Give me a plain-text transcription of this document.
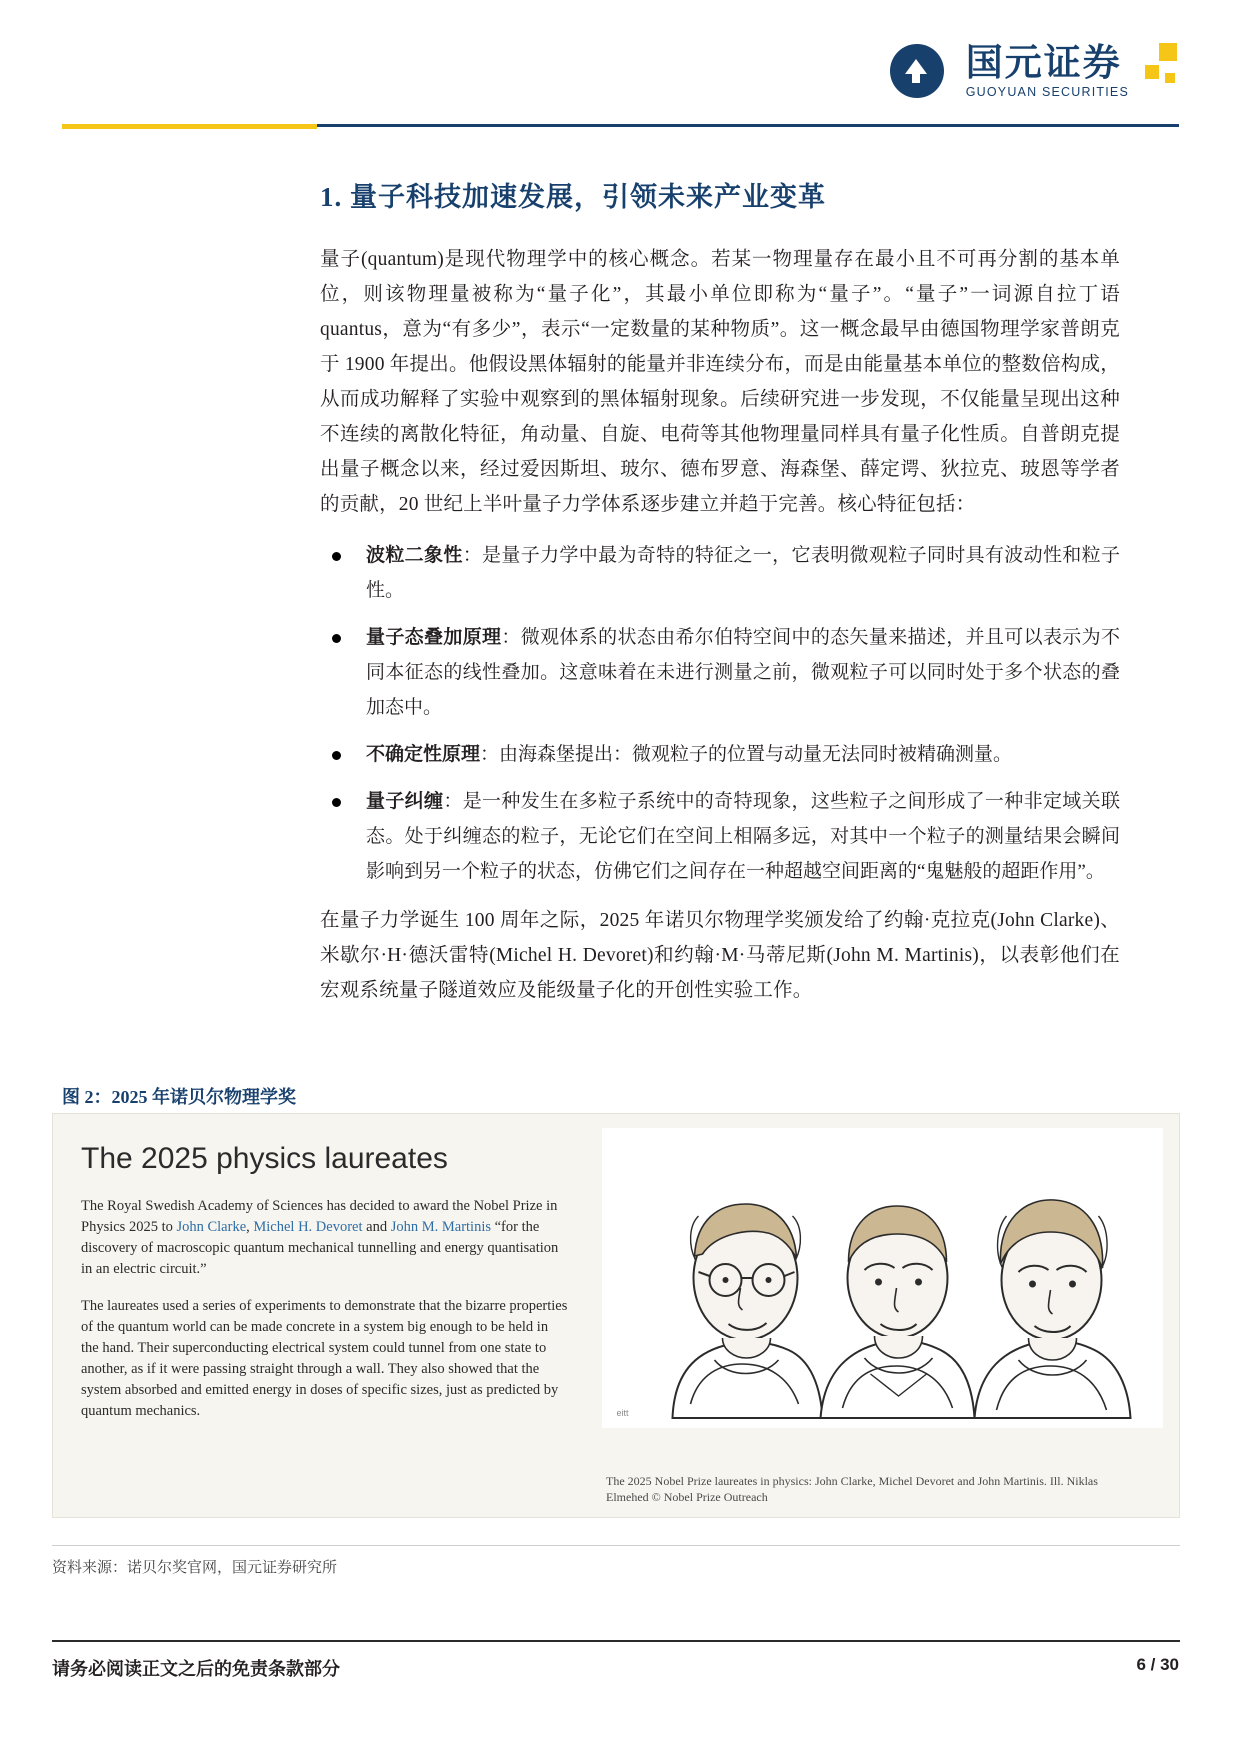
国元证券
GUOYUAN SECURITIES
1. 量子科技加速发展，引领未来产业变革

量子(quantum)是现代物理学中的核心概念。若某一物理量存在最小且不可再分割的基本单位，则该物理量被称为“量子化”，其最小单位即称为“量子”。“量子”一词源自拉丁语 quantus，意为“有多少”，表示“一定数量的某种物质”。这一概念最早由德国物理学家普朗克于 1900 年提出。他假设黑体辐射的能量并非连续分布，而是由能量基本单位的整数倍构成，从而成功解释了实验中观察到的黑体辐射现象。后续研究进一步发现，不仅能量呈现出这种不连续的离散化特征，角动量、自旋、电荷等其他物理量同样具有量子化性质。自普朗克提出量子概念以来，经过爱因斯坦、玻尔、德布罗意、海森堡、薛定谔、狄拉克、玻恩等学者的贡献，20 世纪上半叶量子力学体系逐步建立并趋于完善。核心特征包括：

波粒二象性：是量子力学中最为奇特的特征之一，它表明微观粒子同时具有波动性和粒子性。
量子态叠加原理：微观体系的状态由希尔伯特空间中的态矢量来描述，并且可以表示为不同本征态的线性叠加。这意味着在未进行测量之前，微观粒子可以同时处于多个状态的叠加态中。
不确定性原理：由海森堡提出：微观粒子的位置与动量无法同时被精确测量。
量子纠缠：是一种发生在多粒子系统中的奇特现象，这些粒子之间形成了一种非定域关联态。处于纠缠态的粒子，无论它们在空间上相隔多远，对其中一个粒子的测量结果会瞬间影响到另一个粒子的状态，仿佛它们之间存在一种超越空间距离的“鬼魅般的超距作用”。

在量子力学诞生 100 周年之际，2025 年诺贝尔物理学奖颁发给了约翰·克拉克(John Clarke)、米歇尔·H·德沃雷特(Michel H. Devoret)和约翰·M·马蒂尼斯(John M. Martinis)，以表彰他们在宏观系统量子隧道效应及能级量子化的开创性实验工作。

图 2：2025 年诺贝尔物理学奖
The 2025 physics laureates
The Royal Swedish Academy of Sciences has decided to award the Nobel Prize in Physics 2025 to John Clarke, Michel H. Devoret and John M. Martinis “for the discovery of macroscopic quantum mechanical tunnelling and energy quantisation in an electric circuit.”
The laureates used a series of experiments to demonstrate that the bizarre properties of the quantum world can be made concrete in a system big enough to be held in the hand. Their superconducting electrical system could tunnel from one state to another, as if it were passing straight through a wall. They also showed that the system absorbed and emitted energy in doses of specific sizes, just as predicted by quantum mechanics.	eitt
The 2025 Nobel Prize laureates in physics: John Clarke, Michel Devoret and John Martinis. Ill. Niklas Elmehed © Nobel Prize Outreach
资料来源：诺贝尔奖官网，国元证券研究所
请务必阅读正文之后的免责条款部分	6 / 30
